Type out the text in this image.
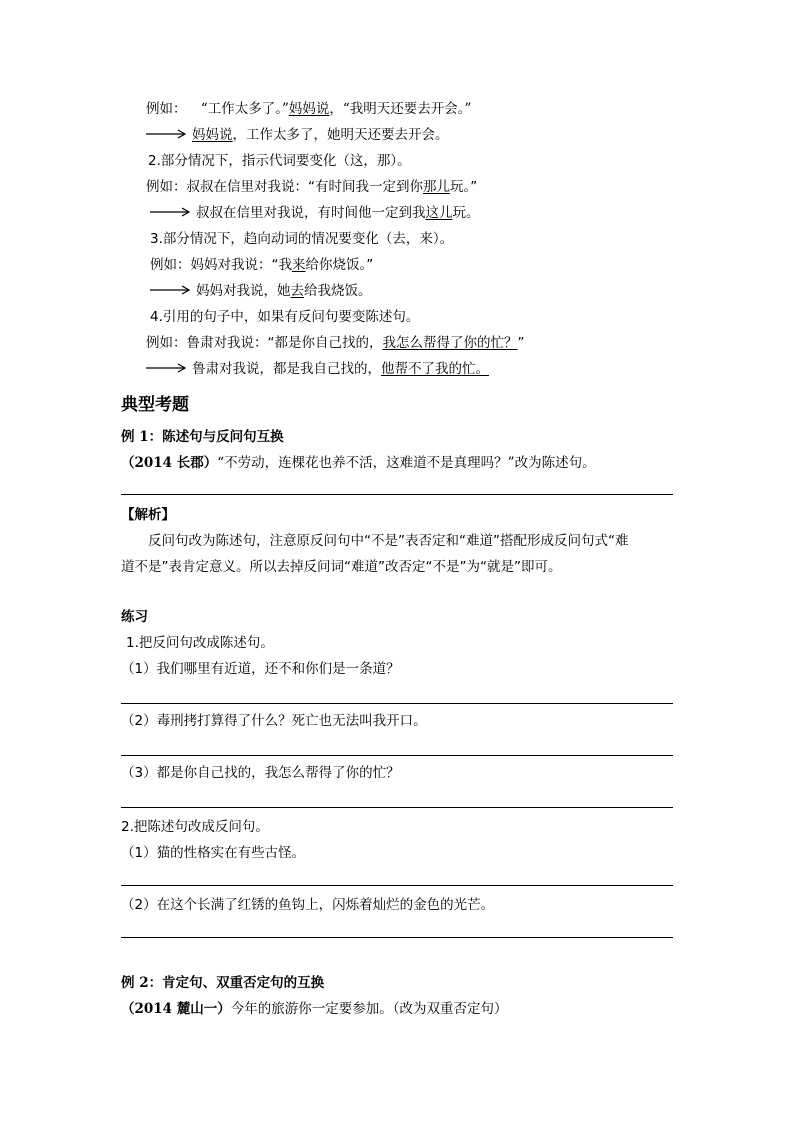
例如： “工作太多了。”妈妈说，“我明天还要去开会。”
妈妈说，工作太多了，她明天还要去开会。
2.部分情况下，指示代词要变化（这，那）。
例如：叔叔在信里对我说：“有时间我一定到你那儿玩。”
叔叔在信里对我说，有时间他一定到我这儿玩。
3.部分情况下，趋向动词的情况要变化（去，来）。
例如：妈妈对我说：“我来给你烧饭。”
妈妈对我说，她去给我烧饭。
4.引用的句子中，如果有反问句要变陈述句。
例如：鲁肃对我说：“都是你自己找的，我怎么帮得了你的忙？”
鲁肃对我说，都是我自己找的，他帮不了我的忙。
典型考题
例 1：陈述句与反问句互换
（2014 长郡）“不劳动，连棵花也养不活，这难道不是真理吗？”改为陈述句。
【解析】
反问句改为陈述句，注意原反问句中“不是”表否定和“难道”搭配形成反问句式“难
道不是”表肯定意义。所以去掉反问词“难道”改否定“不是”为“就是”即可。
练习
1.把反问句改成陈述句。
（1）我们哪里有近道，还不和你们是一条道？
（2）毒刑拷打算得了什么？死亡也无法叫我开口。
（3）都是你自己找的，我怎么帮得了你的忙？
2.把陈述句改成反问句。
（1）猫的性格实在有些古怪。
（2）在这个长满了红锈的鱼钩上，闪烁着灿烂的金色的光芒。
例 2：肯定句、双重否定句的互换
（2014 麓山一）今年的旅游你一定要参加。（改为双重否定句）
